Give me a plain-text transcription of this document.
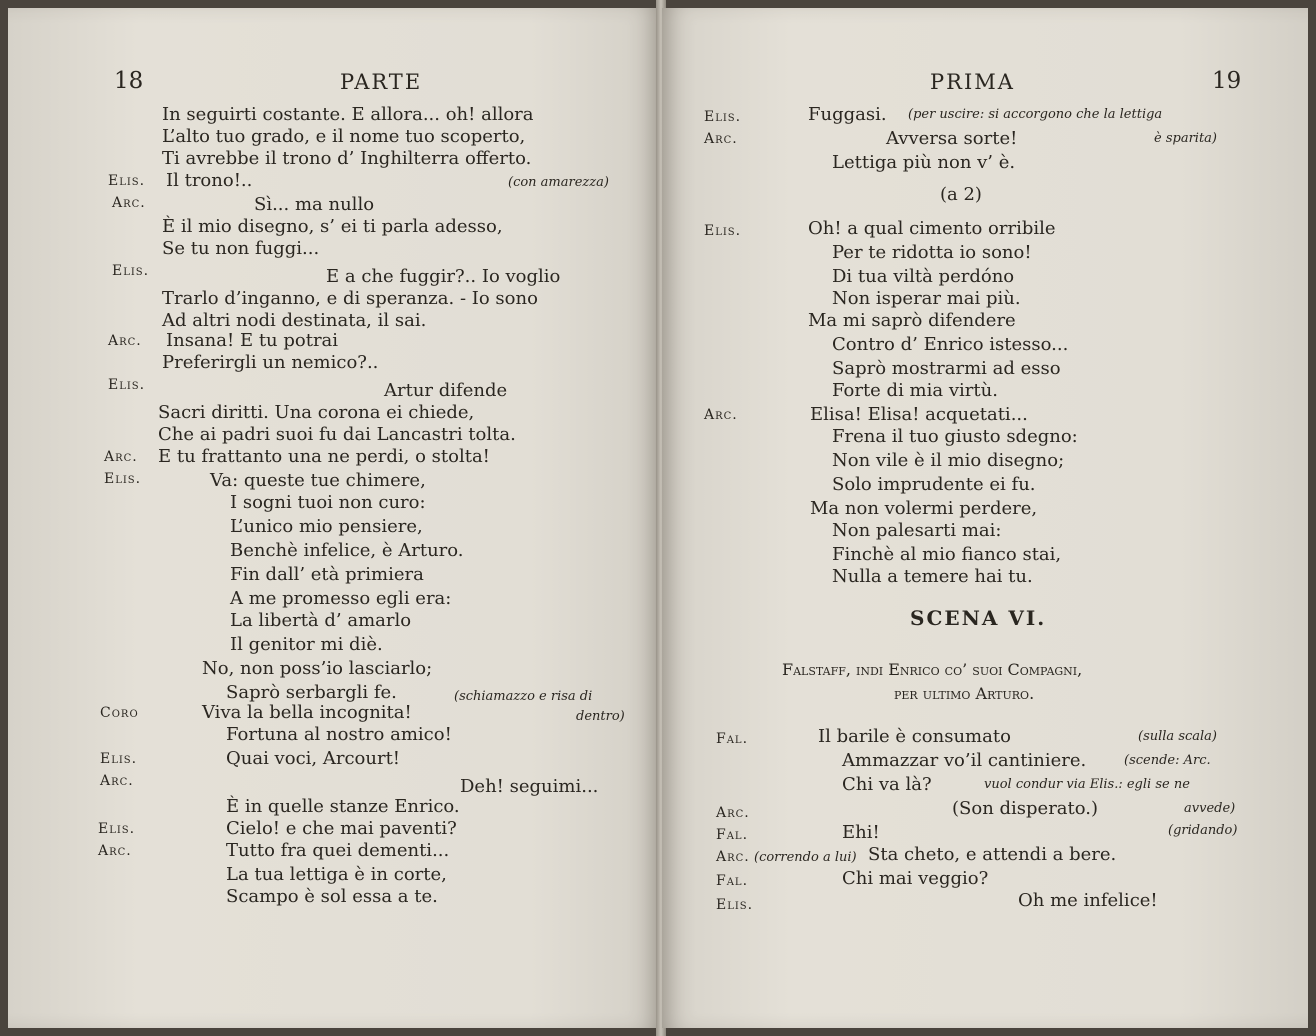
18	PARTE
In seguirti costante. E allora... oh! allora
L’alto tuo grado, e il nome tuo scoperto,
Ti avrebbe il trono d’ Inghilterra offerto.
Elis. Il trono!..	(con amarezza)
Arc.	Sì... ma nullo
È il mio disegno, s’ ei ti parla adesso,
Se tu non fuggi...
Elis.	E a che fuggir?.. Io voglio
Trarlo d’inganno, e di speranza. - Io sono
Ad altri nodi destinata, il sai.
Arc. Insana! E tu potrai
Preferirgli un nemico?..
Elis.	Artur difende
Sacri diritti. Una corona ei chiede,
Che ai padri suoi fu dai Lancastri tolta.
Arc. E tu frattanto una ne perdi, o stolta!
Elis.	Va: queste tue chimere,
I sogni tuoi non curo:
L’unico mio pensiere,
Benchè infelice, è Arturo.
Fin dall’ età primiera
A me promesso egli era:
La libertà d’ amarlo
Il genitor mi diè.
No, non poss’io lasciarlo;
Saprò serbargli fe.	(schiamazzo e risa di
Coro	Viva la bella incognita!	dentro)
Fortuna al nostro amico!
Elis.	Quai voci, Arcourt!
Arc.	Deh! seguimi...
È in quelle stanze Enrico.
Elis.	Cielo! e che mai paventi?
Arc.	Tutto fra quei dementi...
La tua lettiga è in corte,
Scampo è sol essa a te.
PRIMA	19
Elis.	Fuggasi. (per uscire: si accorgono che la lettiga
Arc.	Avversa sorte!	è sparita)
Lettiga più non v’ è.
(a 2)
Elis.	Oh! a qual cimento orribile
Per te ridotta io sono!
Di tua viltà perdóno
Non isperar mai più.
Ma mi saprò difendere
Contro d’ Enrico istesso...
Saprò mostrarmi ad esso
Forte di mia virtù.
Arc.	Elisa! Elisa! acquetati...
Frena il tuo giusto sdegno:
Non vile è il mio disegno;
Solo imprudente ei fu.
Ma non volermi perdere,
Non palesarti mai:
Finchè al mio fianco stai,
Nulla a temere hai tu.
SCENA VI.
Falstaff, indi Enrico co’ suoi Compagni,
per ultimo Arturo.
Fal.	Il barile è consumato	(sulla scala)
Ammazzar vo’il cantiniere.	(scende: Arc.
Chi va là?	vuol condur via Elis.: egli se ne
Arc.	(Son disperato.)	avvede)
Fal.	Ehi!	(gridando)
Arc. (correndo a lui) Sta cheto, e attendi a bere.
Fal.	Chi mai veggio?
Elis.	Oh me infelice!
